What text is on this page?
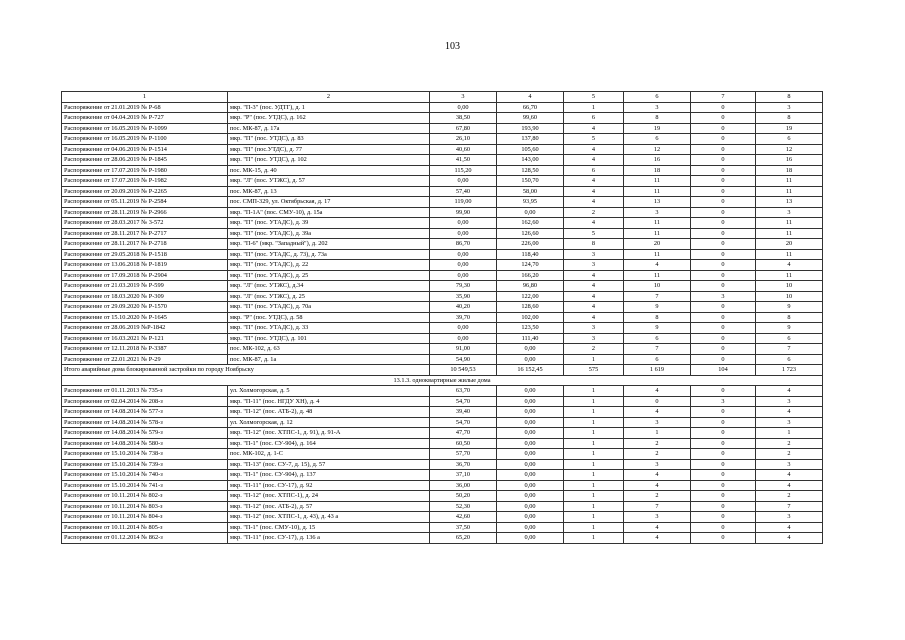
103
1	2	3	4	5	6	7	8
Распоряжение от 21.01.2019 № Р-68	мкр. "П-3" (пос. УДТГ), д. 1	0,00	66,70	1	3	0	3
Распоряжение от 04.04.2019 № Р-727	мкр. "Р" (пос. УТДС), д. 162	38,50	99,60	6	8	0	8
Распоряжение от 16.05.2019 № Р-1099	пос. МК-87, д. 17а	67,80	193,90	4	19	0	19
Распоряжение от 16.05.2019 № Р-1100	мкр. "П" (пос. УТДС), д. 83	26,10	137,80	5	6	0	6
Распоряжение от 04.06.2019 № Р-1514	мкр. "П" (пос.УТДС), д. 77	40,60	105,60	4	12	0	12
Распоряжение от 28.06.2019 № Р-1845	мкр. "П" (пос. УТДС), д. 102	41,50	143,00	4	16	0	16
Распоряжение от 17.07.2019 № Р-1980	пос. МК-15, д. 40	115,20	128,50	6	18	0	18
Распоряжение от 17.07.2019 № Р-1982	мкр. "Л" (пос. УТЖС), д. 57	0,00	150,70	4	11	0	11
Распоряжение от 20.09.2019 № Р-2265	пос. МК-87, д. 13	57,40	58,00	4	11	0	11
Распоряжение от 05.11.2019 № Р-2584	пос. СМП-329, ул. Октябрьская, д. 17	119,00	93,95	4	13	0	13
Распоряжение от 28.11.2019 № Р-2966	мкр. "П-1А" (пос. СМУ-10), д. 15а	99,90	0,00	2	3	0	3
Распоряжение от 28.03.2017 № 3-572	мкр. "П" (пос. УТАДС), д. 39	0,00	162,60	4	11	0	11
Распоряжение от 28.11.2017 № Р-2717	мкр. "П" (пос. УТАДС), д. 39а	0,00	126,60	5	11	0	11
Распоряжение от 28.11.2017 № Р-2718	мкр. "П-6" (мкр. "Западный"), д. 202	86,70	226,00	8	20	0	20
Распоряжение от 29.05.2018 № Р-1518	мкр. "П" (пос. УТАДС, д. 73), д. 73а	0,00	118,40	3	11	0	11
Распоряжение от 13.06.2018 № Р-1819	мкр. "П" (пос. УТАДС), д. 22	0,00	124,70	3	4	0	4
Распоряжение от 17.09.2018 № Р-2904	мкр. "П" (пос. УТАДС), д. 25	0,00	166,20	4	11	0	11
Распоряжение от 21.03.2019 № Р-599	мкр. "Л" (пос. УТЖС), д.34	79,30	96,80	4	10	0	10
Распоряжение от 18.03.2020 № Р-309	мкр. "Л" (пос. УТЖС), д. 25	35,90	122,00	4	7	3	10
Распоряжение от 29.09.2020 № Р-1570	мкр. "П" (пос. УТАДС), д. 70а	40,20	128,60	4	9	0	9
Распоряжение от 15.10.2020 № Р-1645	мкр. "Р" (пос. УТДС), д. 58	39,70	102,00	4	8	0	8
Распоряжение от 28.06.2019 №Р-1842	мкр. "П" (пос. УТАДС), д. 33	0,00	123,50	3	9	0	9
Распоряжение от 16.03.2021 № Р-121	мкр. "П" (пос. УТДС), д. 101	0,00	111,40	3	6	0	6
Распоряжение от 12.11.2018 № Р-3387	пос. МК-102, д. 63	91,00	0,00	2	7	0	7
Распоряжение от 22.01.2021 № Р-29	пос. МК-87, д. 1а	54,90	0,00	1	6	0	6
Итого аварийные дома блокированной застройки по городу Ноябрьску		10 549,53	16 152,45	575	1 619	104	1 723
13.1.3. одноквартирные жилые дома							
Распоряжение от 01.11.2013 № 735-з	ул. Холмогорская, д. 5	63,70	0,00	1	4	0	4
Распоряжение от 02.04.2014 № 208-з	мкр. "П-11" (пос. НГДУ ХН), д. 4	54,70	0,00	1	0	3	3
Распоряжение от 14.08.2014 № 577-з	мкр. "П-12" (пос. АТБ-2), д. 48	39,40	0,00	1	4	0	4
Распоряжение от 14.08.2014 № 578-з	ул. Холмогорская, д. 12	54,70	0,00	1	3	0	3
Распоряжение от 14.08.2014 № 579-з	мкр. "П-12" (пос. ХТПС-1, д. 91), д. 91-А	47,70	0,00	1	1	0	1
Распоряжение от 14.08.2014 № 580-з	мкр. "П-1" (пос. СУ-904), д. 164	60,50	0,00	1	2	0	2
Распоряжение от 15.10.2014 № 738-з	пос. МК-102, д. 1-С	57,70	0,00	1	2	0	2
Распоряжение от 15.10.2014 № 739-з	мкр. "П-13" (пос. СУ-7, д. 15), д. 57	36,70	0,00	1	3	0	3
Распоряжение от 15.10.2014 № 740-з	мкр. "П-1" (пос. СУ-904), д. 137	37,10	0,00	1	4	0	4
Распоряжение от 15.10.2014 № 741-з	мкр. "П-11" (пос. СУ-17), д. 92	36,00	0,00	1	4	0	4
Распоряжение от 10.11.2014 № 802-з	мкр. "П-12" (пос. ХТПС-1), д. 24	50,20	0,00	1	2	0	2
Распоряжение от 10.11.2014 № 803-з	мкр. "П-12" (пос. АТБ-2), д. 57	52,30	0,00	1	7	0	7
Распоряжение от 10.11.2014 № 804-з	мкр. "П-12" (пос. ХТПС-1, д. 43), д. 43 а	42,60	0,00	1	3	0	3
Распоряжение от 10.11.2014 № 805-з	мкр. "П-1" (пос. СМУ-10), д. 15	37,50	0,00	1	4	0	4
Распоряжение от 01.12.2014 № 862-з	мкр. "П-11" (пос. СУ-17), д. 136 а	65,20	0,00	1	4	0	4
